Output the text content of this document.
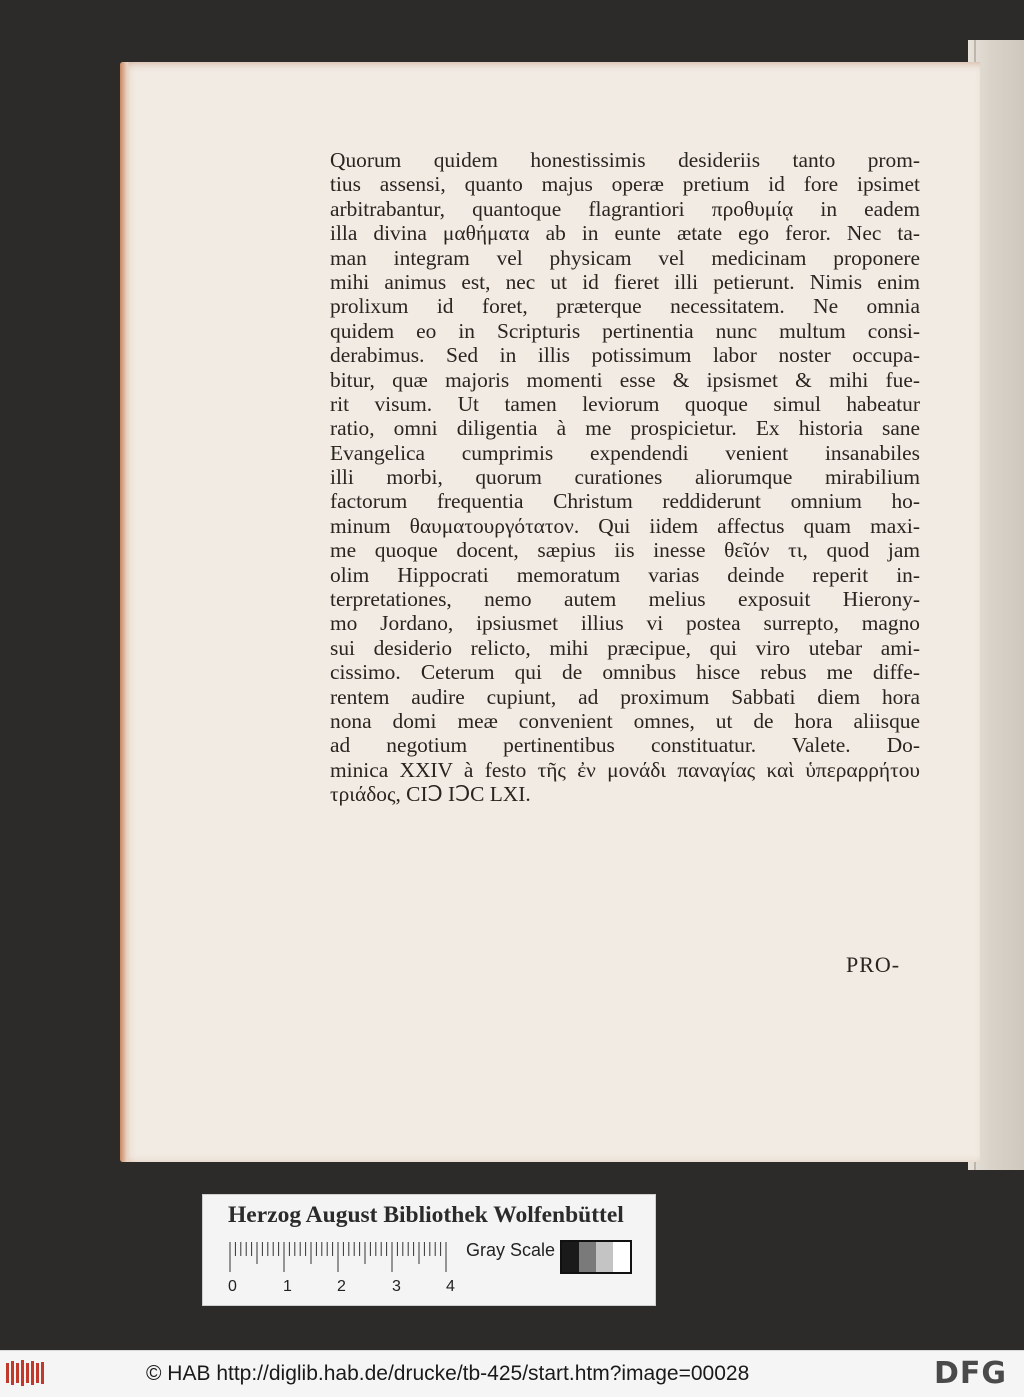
Quorum quidem honestissimis desideriis tanto prom-
tius assensi, quanto majus operæ pretium id fore ipsimet
arbitrabantur, quantoque flagrantiori προθυμίᾳ in eadem
illa divina μαθήματα ab in eunte ætate ego feror. Nec ta-
man integram vel physicam vel medicinam proponere
mihi animus est, nec ut id fieret illi petierunt. Nimis enim
prolixum id foret, præterque necessitatem. Ne omnia
quidem eo in Scripturis pertinentia nunc multum consi-
derabimus. Sed in illis potissimum labor noster occupa-
bitur, quæ majoris momenti esse & ipsismet & mihi fue-
rit visum. Ut tamen leviorum quoque simul habeatur
ratio, omni diligentia à me prospicietur. Ex historia sane
Evangelica cumprimis expendendi venient insanabiles
illi morbi, quorum curationes aliorumque mirabilium
factorum frequentia Christum reddiderunt omnium ho-
minum θαυματουργότατον. Qui iidem affectus quam maxi-
me quoque docent, sæpius iis inesse θεῖόν τι, quod jam
olim Hippocrati memoratum varias deinde reperit in-
terpretationes, nemo autem melius exposuit Hierony-
mo Jordano, ipsiusmet illius vi postea surrepto, magno
sui desiderio relicto, mihi præcipue, qui viro utebar ami-
cissimo. Ceterum qui de omnibus hisce rebus me diffe-
rentem audire cupiunt, ad proximum Sabbati diem hora
nona domi meæ convenient omnes, ut de hora aliisque
ad negotium pertinentibus constituatur. Valete. Do-
minica XXIV à festo τῆς ἐν μονάδι παναγίας καὶ ὑπεραρρήτου
τριάδος, CIↃ IↃC LXI.
PRO-
Herzog August Bibliothek Wolfenbüttel
0	1	2	3	4
Gray Scale
© HAB http://diglib.hab.de/drucke/tb-425/start.htm?image=00028	DFG
